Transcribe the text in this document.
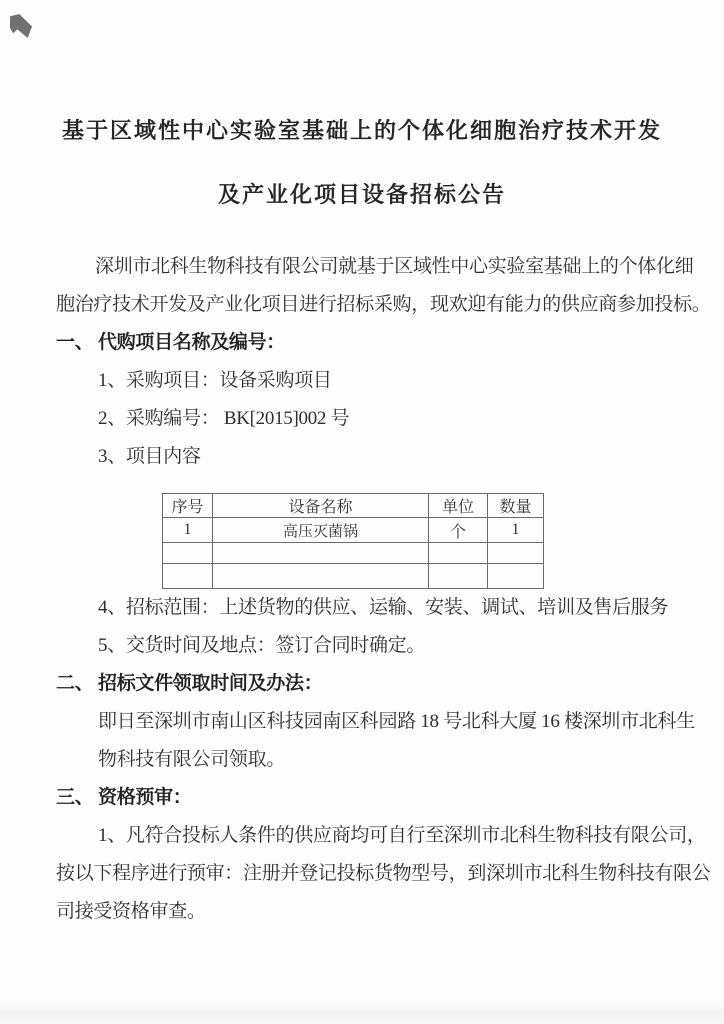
基于区域性中心实验室基础上的个体化细胞治疗技术开发
及产业化项目设备招标公告

深圳市北科生物科技有限公司就基于区域性中心实验室基础上的个体化细

胞治疗技术开发及产业化项目进行招标采购，现欢迎有能力的供应商参加投标。

一、 代购项目名称及编号：

1、采购项目：设备采购项目

2、采购编号： BK[2015]002 号

3、项目内容

序号	设备名称	单位	数量
1	高压灭菌锅	个	1

4、招标范围：上述货物的供应、运输、安装、调试、培训及售后服务

5、交货时间及地点：签订合同时确定。

二、 招标文件领取时间及办法：

即日至深圳市南山区科技园南区科园路 18 号北科大厦 16 楼深圳市北科生

物科技有限公司领取。

三、 资格预审：

1、凡符合投标人条件的供应商均可自行至深圳市北科生物科技有限公司，

按以下程序进行预审：注册并登记投标货物型号，到深圳市北科生物科技有限公

司接受资格审查。
